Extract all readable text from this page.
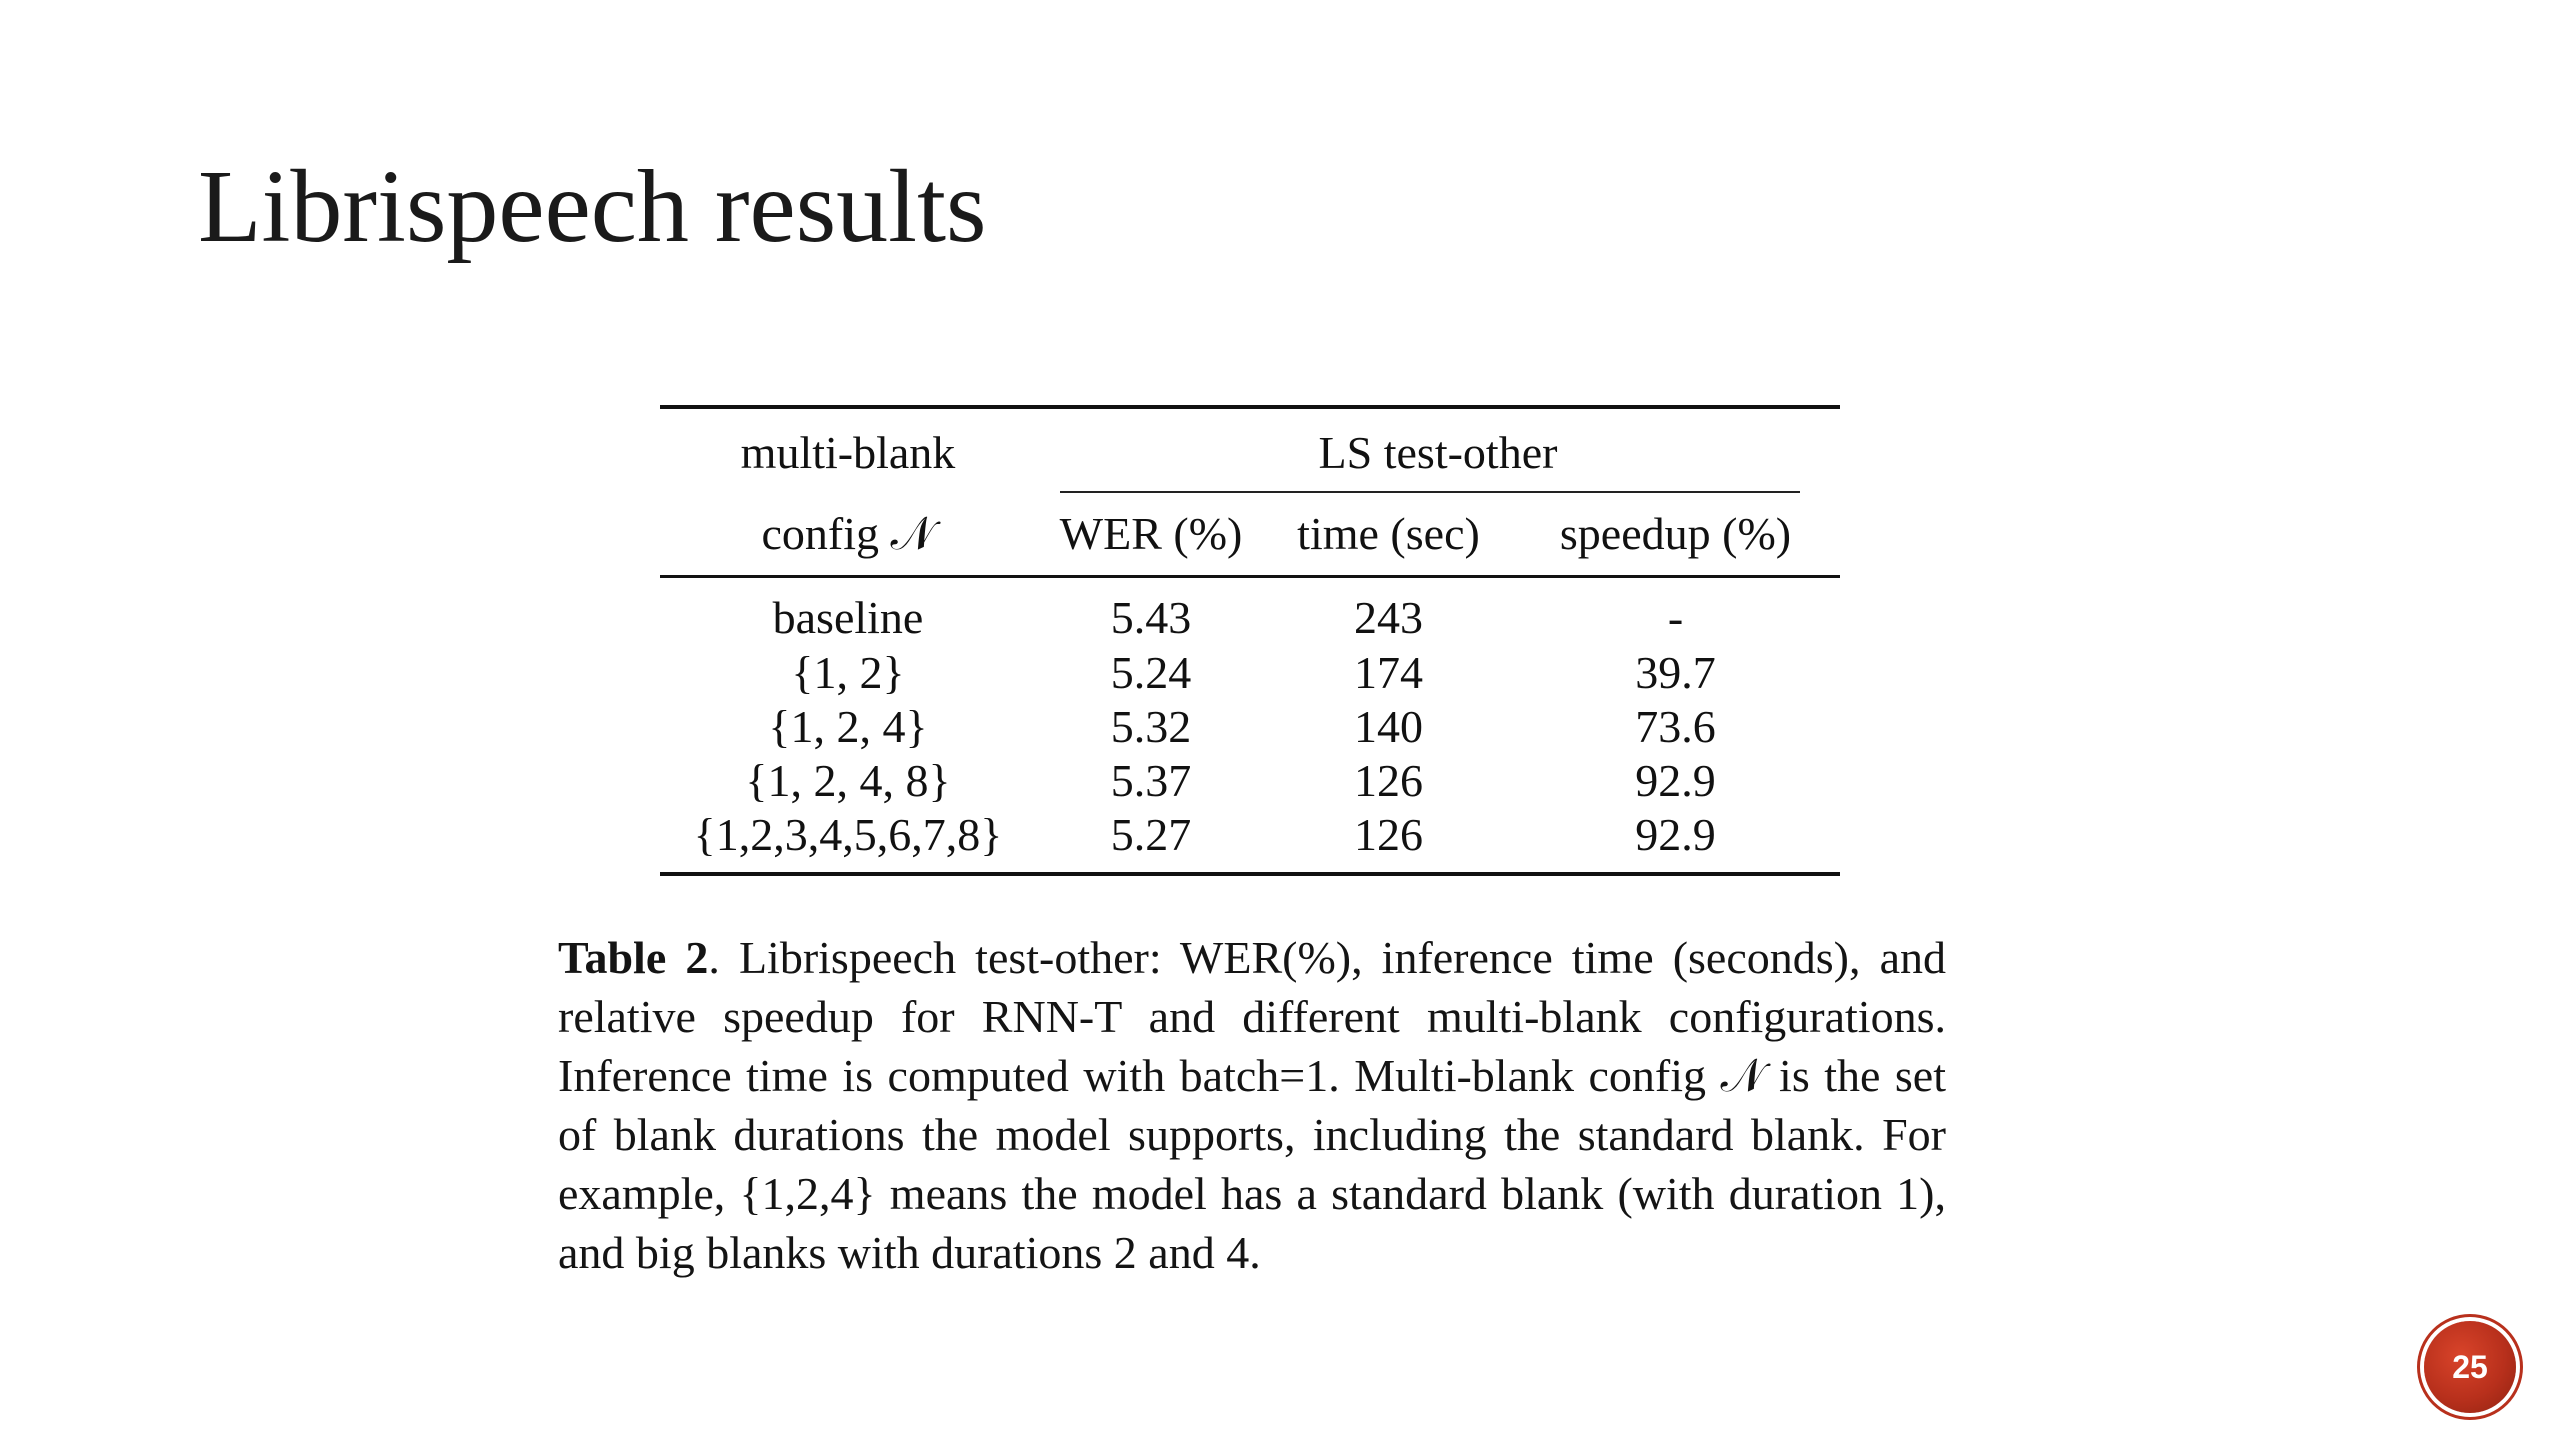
Librispeech results
multi-blank	LS test-other		

config 𝒩	WER (%)	time (sec)	speedup (%)
baseline	5.43	243	-
{1, 2}	5.24	174	39.7
{1, 2, 4}	5.32	140	73.6
{1, 2, 4, 8}	5.37	126	92.9
{1,2,3,4,5,6,7,8}	5.27	126	92.9

Table 2. Librispeech test-other: WER(%), inference time (seconds), and relative speedup for RNN-T and different multi-blank configurations. Inference time is computed with batch=1. Multi-blank config 𝒩 is the set of blank durations the model supports, including the standard blank. For example, {1,2,4} means the model has a standard blank (with duration 1), and big blanks with durations 2 and 4.

25
